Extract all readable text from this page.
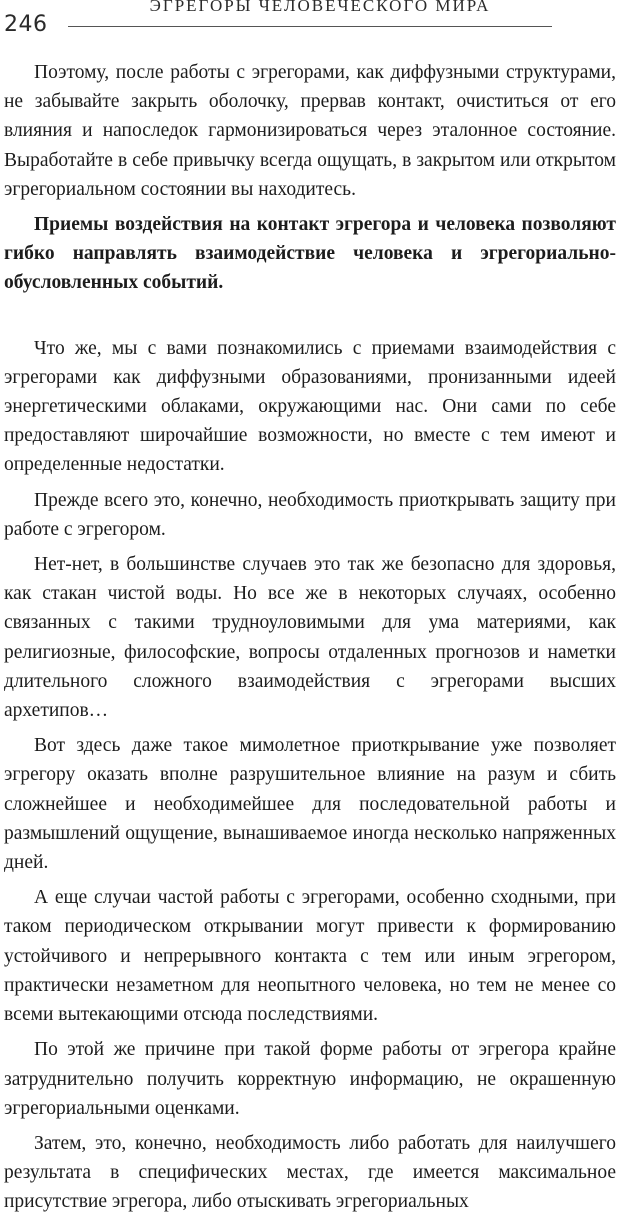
246
ЭГРЕГОРЫ ЧЕЛОВЕЧЕСКОГО МИРА

Поэтому, после работы с эгрегорами, как диффузными структурами, не забывайте закрыть оболочку, прервав контакт, очиститься от его влияния и напоследок гармонизироваться через эталонное состояние. Выработайте в себе привычку всегда ощущать, в закрытом или открытом эгрегориальном состоянии вы находитесь.

Приемы воздействия на контакт эгрегора и человека позволяют гибко направлять взаимодействие человека и эгрегориально-обусловленных событий.

Что же, мы с вами познакомились с приемами взаимодействия с эгрегорами как диффузными образованиями, пронизанными идеей энергетическими облаками, окружающими нас. Они сами по себе предоставляют широчайшие возможности, но вместе с тем имеют и определенные недостатки.

Прежде всего это, конечно, необходимость приоткрывать защиту при работе с эгрегором.

Нет-нет, в большинстве случаев это так же безопасно для здоровья, как стакан чистой воды. Но все же в некоторых случаях, особенно связанных с такими трудноуловимыми для ума материями, как религиозные, философские, вопросы отдаленных прогнозов и наметки длительного сложного взаимодействия с эгрегорами высших архетипов…

Вот здесь даже такое мимолетное приоткрывание уже позволяет эгрегору оказать вполне разрушительное влияние на разум и сбить сложнейшее и необходимейшее для последовательной работы и размышлений ощущение, вынашиваемое иногда несколько напряженных дней.

А еще случаи частой работы с эгрегорами, особенно сходными, при таком периодическом открывании могут привести к формированию устойчивого и непрерывного контакта с тем или иным эгрегором, практически незаметном для неопытного человека, но тем не менее со всеми вытекающими отсюда последствиями.

По этой же причине при такой форме работы от эгрегора крайне затруднительно получить корректную информацию, не окрашенную эгрегориальными оценками.

Затем, это, конечно, необходимость либо работать для наилучшего результата в специфических местах, где имеется максимальное присутствие эгрегора, либо отыскивать эгрегориальных
